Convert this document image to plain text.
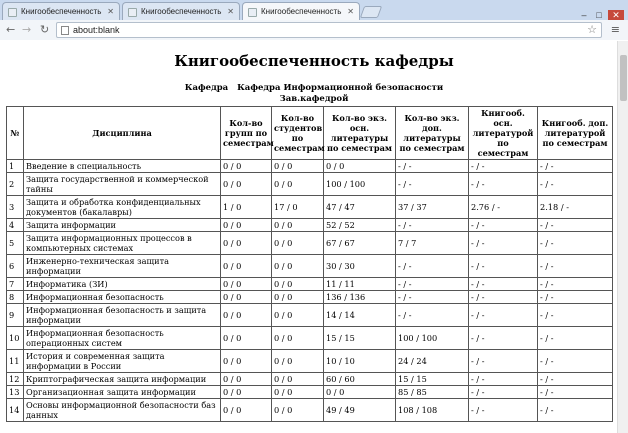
Книгообеспеченность ✕	Книгообеспеченность ✕	Книгообеспеченность ✕	– □ ✕
← → ↻	about:blank	☆ ≡
Книгообеспеченность кафедры
Кафедра Кафедра Информационной безопасности
Зав.кафедрой
№	Дисциплина	Кол-во групп по семестрам	Кол-во студентов по семестрам	Кол-во экз. осн. литературы по семестрам	Кол-во экз. доп. литературы по семестрам	Книгооб. осн. литературой по семестрам	Книгооб. доп. литературой по семестрам
1	Введение в специальность	0 / 0	0 / 0	0 / 0	- / -	- / -	- / -
2	Защита государственной и коммерческой тайны	0 / 0	0 / 0	100 / 100	- / -	- / -	- / -
3	Защита и обработка конфиденциальных документов (бакалавры)	1 / 0	17 / 0	47 / 47	37 / 37	2.76 / -	2.18 / -
4	Защита информации	0 / 0	0 / 0	52 / 52	- / -	- / -	- / -
5	Защита информационных процессов в компьютерных системах	0 / 0	0 / 0	67 / 67	7 / 7	- / -	- / -
6	Инженерно-техническая защита информации	0 / 0	0 / 0	30 / 30	- / -	- / -	- / -
7	Информатика (ЗИ)	0 / 0	0 / 0	11 / 11	- / -	- / -	- / -
8	Информационная безопасность	0 / 0	0 / 0	136 / 136	- / -	- / -	- / -
9	Информационная безопасность и защита информации	0 / 0	0 / 0	14 / 14	- / -	- / -	- / -
10	Информационная безопасность операционных систем	0 / 0	0 / 0	15 / 15	100 / 100	- / -	- / -
11	История и современная защита информации в России	0 / 0	0 / 0	10 / 10	24 / 24	- / -	- / -
12	Криптографическая защита информации	0 / 0	0 / 0	60 / 60	15 / 15	- / -	- / -
13	Организационная защита информации	0 / 0	0 / 0	0 / 0	85 / 85	- / -	- / -
14	Основы информационной безопасности баз данных	0 / 0	0 / 0	49 / 49	108 / 108	- / -	- / -
